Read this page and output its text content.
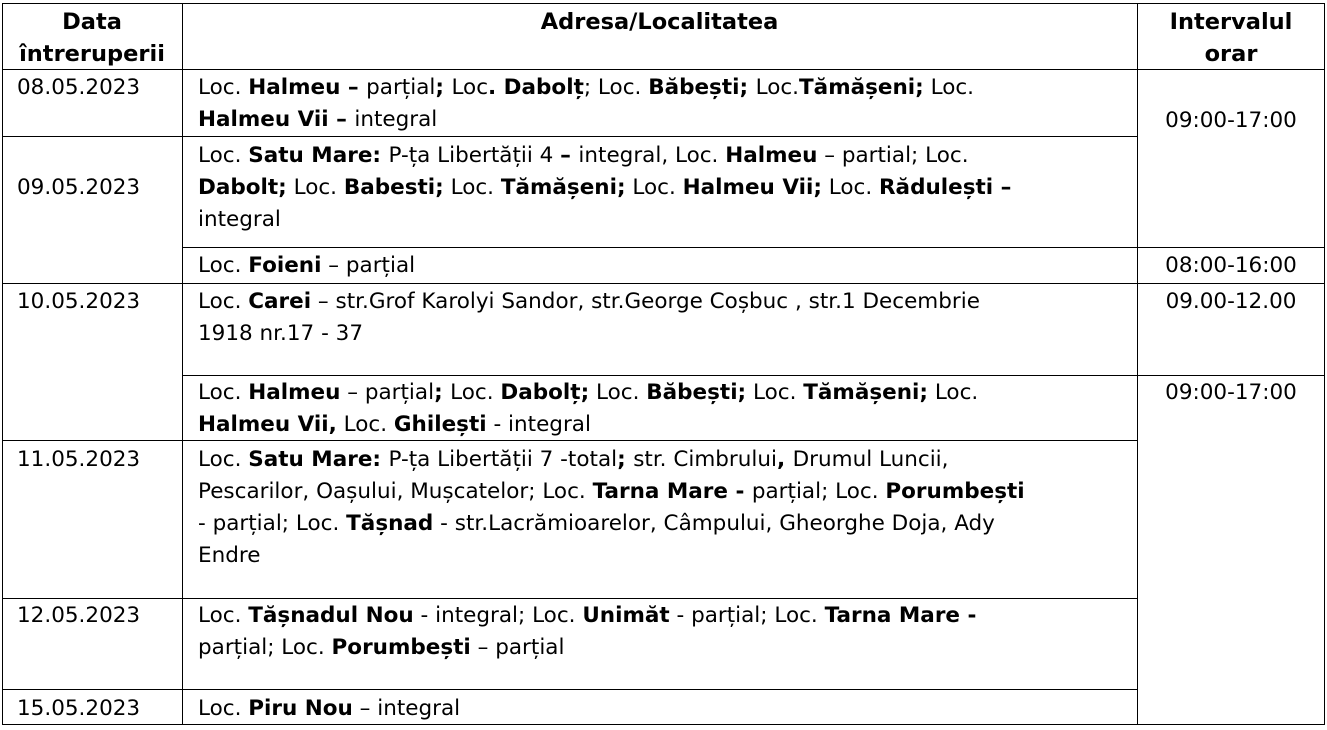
Data
întreruperii
Adresa/Localitatea	Intervalul
orar
08.05.2023
09.05.2023
10.05.2023
11.05.2023
12.05.2023
15.05.2023
09:00-17:00
08:00-16:00
09.00-12.00
09:00-17:00
Loc. Halmeu – parțial; Loc. Dabolț; Loc. Băbești; Loc.Tămășeni; Loc.
Halmeu Vii – integral
Loc. Satu Mare: P-ța Libertății 4 – integral, Loc. Halmeu – partial; Loc.
Dabolt; Loc. Babesti; Loc. Tămășeni; Loc. Halmeu Vii; Loc. Rădulești –
integral
Loc. Foieni – parțial
Loc. Carei – str.Grof Karolyi Sandor, str.George Coșbuc , str.1 Decembrie
1918 nr.17 - 37
Loc. Halmeu – parțial; Loc. Dabolț; Loc. Băbești; Loc. Tămășeni; Loc.
Halmeu Vii, Loc. Ghilești - integral
Loc. Satu Mare: P-ța Libertății 7 -total; str. Cimbrului, Drumul Luncii,
Pescarilor, Oașului, Mușcatelor; Loc. Tarna Mare - parțial; Loc. Porumbești
- parțial; Loc. Tășnad - str.Lacrămioarelor, Câmpului, Gheorghe Doja, Ady
Endre
Loc. Tășnadul Nou - integral; Loc. Unimăt - parțial; Loc. Tarna Mare -
parțial; Loc. Porumbești – parțial
Loc. Piru Nou – integral
